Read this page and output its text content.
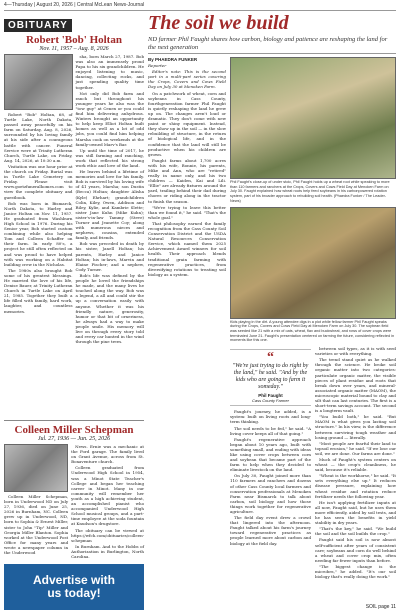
4—Thursday | August 20, 2026 | Central McLean News-Journal
OBITUARY
Robert 'Bob' Holtan
Nov. 11, 1957 – Aug. 8, 2026

Robert "Bob" Holtan, 68, of Turtle Lake, North Dakota, passed away peacefully on his farm on Saturday, Aug. 8, 2026, surrounded by his loving family at his side after a courageous battle with cancer. Funeral Service were at Trinity Lutheran Church, Turtle Lake, on Friday, Aug. 14, 2026, at 10:30 a.m.

Visitation was one hour prior at the church on Friday. Burial was in Turtle Lake Cemetery on Friday. Please visit www.goetzfuneralhomes.com to view the complete obituary and guestbook.

Bob was born in Bismarck, North Dakota, to Harley and Janice Holtan on Nov. 11, 1957. He graduated from Washburn High School in 1976. During his Senior year, Bob started custom combining while also helping Tom and Colleen Schaffer on their farm. In early 80's, a project he still often reflected on and was proud to have helped with was working on a Habitat building crew in the Nicholas.

The 1980s also brought Bob some of his greatest blessings. He married the love of his life, Denise Bauer, at Trinity Lutheran Church in Turtle Lake on April 21, 1985. Together they built a life filled with family, hard work, laughter, and countless memories.

sha, born March 27, 1987. Bob was also an immensely proud Papa to his six grandchildren. He enjoyed listening to music, dancing, collecting rocks, and just spending quality time together.

Not only did Bob farm and ranch but throughout his younger years he also was the "tow guy" at Cenex or you could find him delivering anhydrous. Winters brought an opportunity to help keep Elliot Holtan built homes as well as a lot of odd jobs, you could find him helping Marsha cook on weekends at the family-owned Marv's Bar.

Up until the time of 2017, he was still farming and ranching, work that reflected his strong work ethic and love of the land.

He leaves behind a lifetime of memories and love for his family. Bob is survived by his loving wife of 41 years, Marsha; son Dustin (Becca) Holtan; daughter Alisha (Kyle) Ehrhart; grandchildren Colin, Kiley, Owen, Addison and Riley, Kylie, and Kambrie Slette; sister Jane Kuhn (Mike Kuhn); sister's-in-law Tammy (Steve) Turner and Jeanette Coy; along with numerous nieces and nephews, cousins, extended family, and friends.

Bob was preceded in death by his sister, Janell Holtan; his parents, Harley and Janice Holtan; his in-laws, Marvin and Elaine Fischer; and a nephew, Cody Turner.

Bob's life was defined by the people he loved the friendships he made, and the many lives he touched along the way. Bob was a legend, a all and could stir the up a conversation easily with anyone. Whether it was his friendly nature, generosity, humor or that bit of orneriness, he always had a way to make people smile. His memory will live on through every story told and every car hunted in the wind through the pine trees.

Colleen Miller Schepman
Jul. 27, 1936 — Jun. 25, 2026

Colleen Miller Schepman, born in Underwood ND on July 27, 1936, died on June 25, 2026 in Burnham, NC. Colleen grew up in Underwood, ND, born to Sophia & Ernest Miller, sister to John "Tip" Miller and Georgia Miller Blanton. Sophia worked at the Underwood Post Office for many years and wrote a newspaper column in the Underwood

News. Ernie was a mechanic at the Ford garage. The family lived on Grant Avenue, across from St. Bonaventure church.

Colleen graduated from Underwood High School in 1954, was a Minot State Teacher's College and began her teaching career in Minot. Many in our community will remember her youth as a high achieving student, an accomplished pianist who accompanied Underwood High School musical groups, and a part-time employee at the soda fountain at Knudson's drugstore.

The obituary can be viewed at https://wfch.com/obituaries/colleen-schepman

In Burnham. And to the Hobbs of Authorization in Burlington, North Carolina.

Advertise with
us today!
The soil we build
ND farmer Phil Faught shares how carbon, biology and patience are reshaping the land for the next generation

By PHAEDRA FUNKER

Reporter

Editor's note: This is the second part in a multi-part series covering the Crops, Covers and Cows Field Day on July 30 at Menoken Farm.

On a patchwork of wheat, corn and soybeans in Cass County, fourthgeneration farmer Phil Faught is quietly reshaping the land he grew up on. The changes aren't loud or dramatic. They don't come with new paint or shiny equipment. Instead, they show up in the soil — in the slow rebuilding of structure, in the return of biological life, and in the confidence that the land will still be productive when his children are grown.

Faught farms about 1,700 acres with his wife, Bonnie, his parents, Mike and Ann, who are "retired" really in name only, and his two children — Kaiden, Kai and Lili. "Ellie" are already fixtures around the yard, trailing behind their dad during chores or riding along in the tractor to finish the season.

"We're trying to leave this better than we found it," he said. "That's the whole goal."

That philosophy earned the family recognition from the Cass County Soil Conservation District and the USDA Natural Resources Conservation Service, which named them 2025 Achievement Award winners for soil health. Their approach blends traditional grain farming with regenerative practices, from diversifying rotations to treating soil biology as a system.

Phil Faught's close-up of under stoic, Phil Faught holds up a wheat root while speaking to more than 110 farmers and ranchers at the Crops, Covers and Cows Field Day at Menoken Farm on July 30. Faught explained how wheat roots help feed soybeans in his carbonpowered rotation system, part of his broader approach to rebuilding soil health. (Phaedra Funker / The Leader-News)
Kids playing in the dirt. A young attendee digs in a plot while fellow farmer Phil Faught speaks during the Crops, Covers and Cows Field Day at Menoken Farm on July 30. The soybean field was seeded like 21 with a mix of oats, wheat, flax and buckwheat, and rows of cover crops were terminated June 21. Faught's presentation centered on farming the future, considering reflected in moments like this one.
“
"We're just trying to do right by the land," he said. "And by the kids who are going to farm it someday."
Phil Faught
Cass County Farmer

Faught's journey, he added, is a system: built on living roots and long-term thinking.

The soil needs to be fed," he said. "A living cover keeps all of that going."

Faught's regenerative approach began about 10 years ago, built with something small, and ending with ideas like using cover crops between corn and soybean that became part of the farm to help when they decided to eliminate livestock on the land.

On July 30, Faught joined more than 110 farmers and ranchers and dozens of other Cass County local farmers and conservation professionals at Menoken Farm near Bismarck to talk about carbon, soil biology and how those things work together for regenerative agriculture.

The field day event drew a crowd that lingered into the afternoon. Faught talked about his farm's journey toward regenerative practices as people learned more about carbon and biology at the field day.

between soil types, as it is with seed varieties or with everything.

The trend stand quiet as he walked through the science. He broke soil organic matter into two categories: particulate organic matter, the visible pieces of plant residue and roots that break down over years, and mineral-associated organic matter (MAOM), the microscopic material bound to clay and silt that can last centuries. The first is a short-term savings account. The second is a longterm vault.

"You build both," he said. "But MAOM is what gives you lasting soil structure." In his view, is the difference between surviving tough weather and losing ground — literally.

"Most people are fearful their land to topsoil erosion," he said. "If we lose our soil, we are done. Our farms are done."

Much of Faught's system centers on wheat — the crop's cleanliness, he said, because it's reliable.

"Wheat is the workhorse," he said. "It sets everything else up." It reduces disease pressure, explaining how wheat residue and rotation reduce fertilizer needs the following year.

He isn't applying fertilizer inputs at all now, Faught said, but he uses them more efficiently, aided by soil tests, and he has seen the benefits in yield stability in dry years.

"That's the key," he said. "We build the soil and the soil builds the crop."

Faught said his soil is now almost self-sufficient after years of consistent care; soybeans and corn do well behind a wheat and cover crop mix, often needing far fewer inputs than before.

"The biggest change is the microbes," he added. "It's our soil biology that's really doing the work."

SOIL page 11
